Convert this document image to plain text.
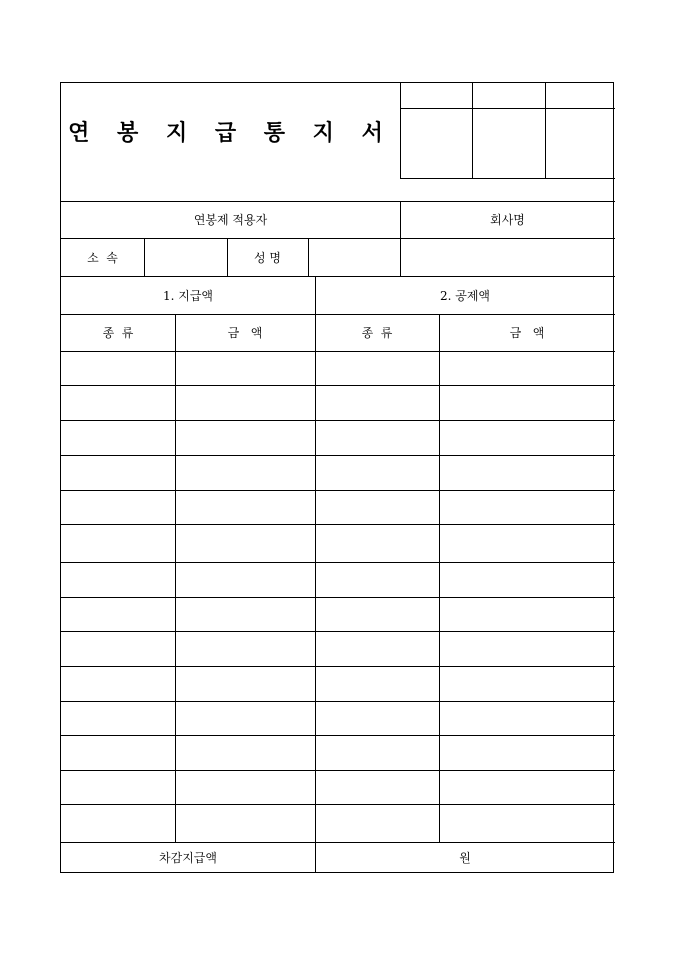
연 봉 지 급 통 지 서
연봉제 적용자	회사명
소  속	성 명
1. 지급액	2. 공제액
종  류	금   액	종  류	금   액
차감지급액	원
